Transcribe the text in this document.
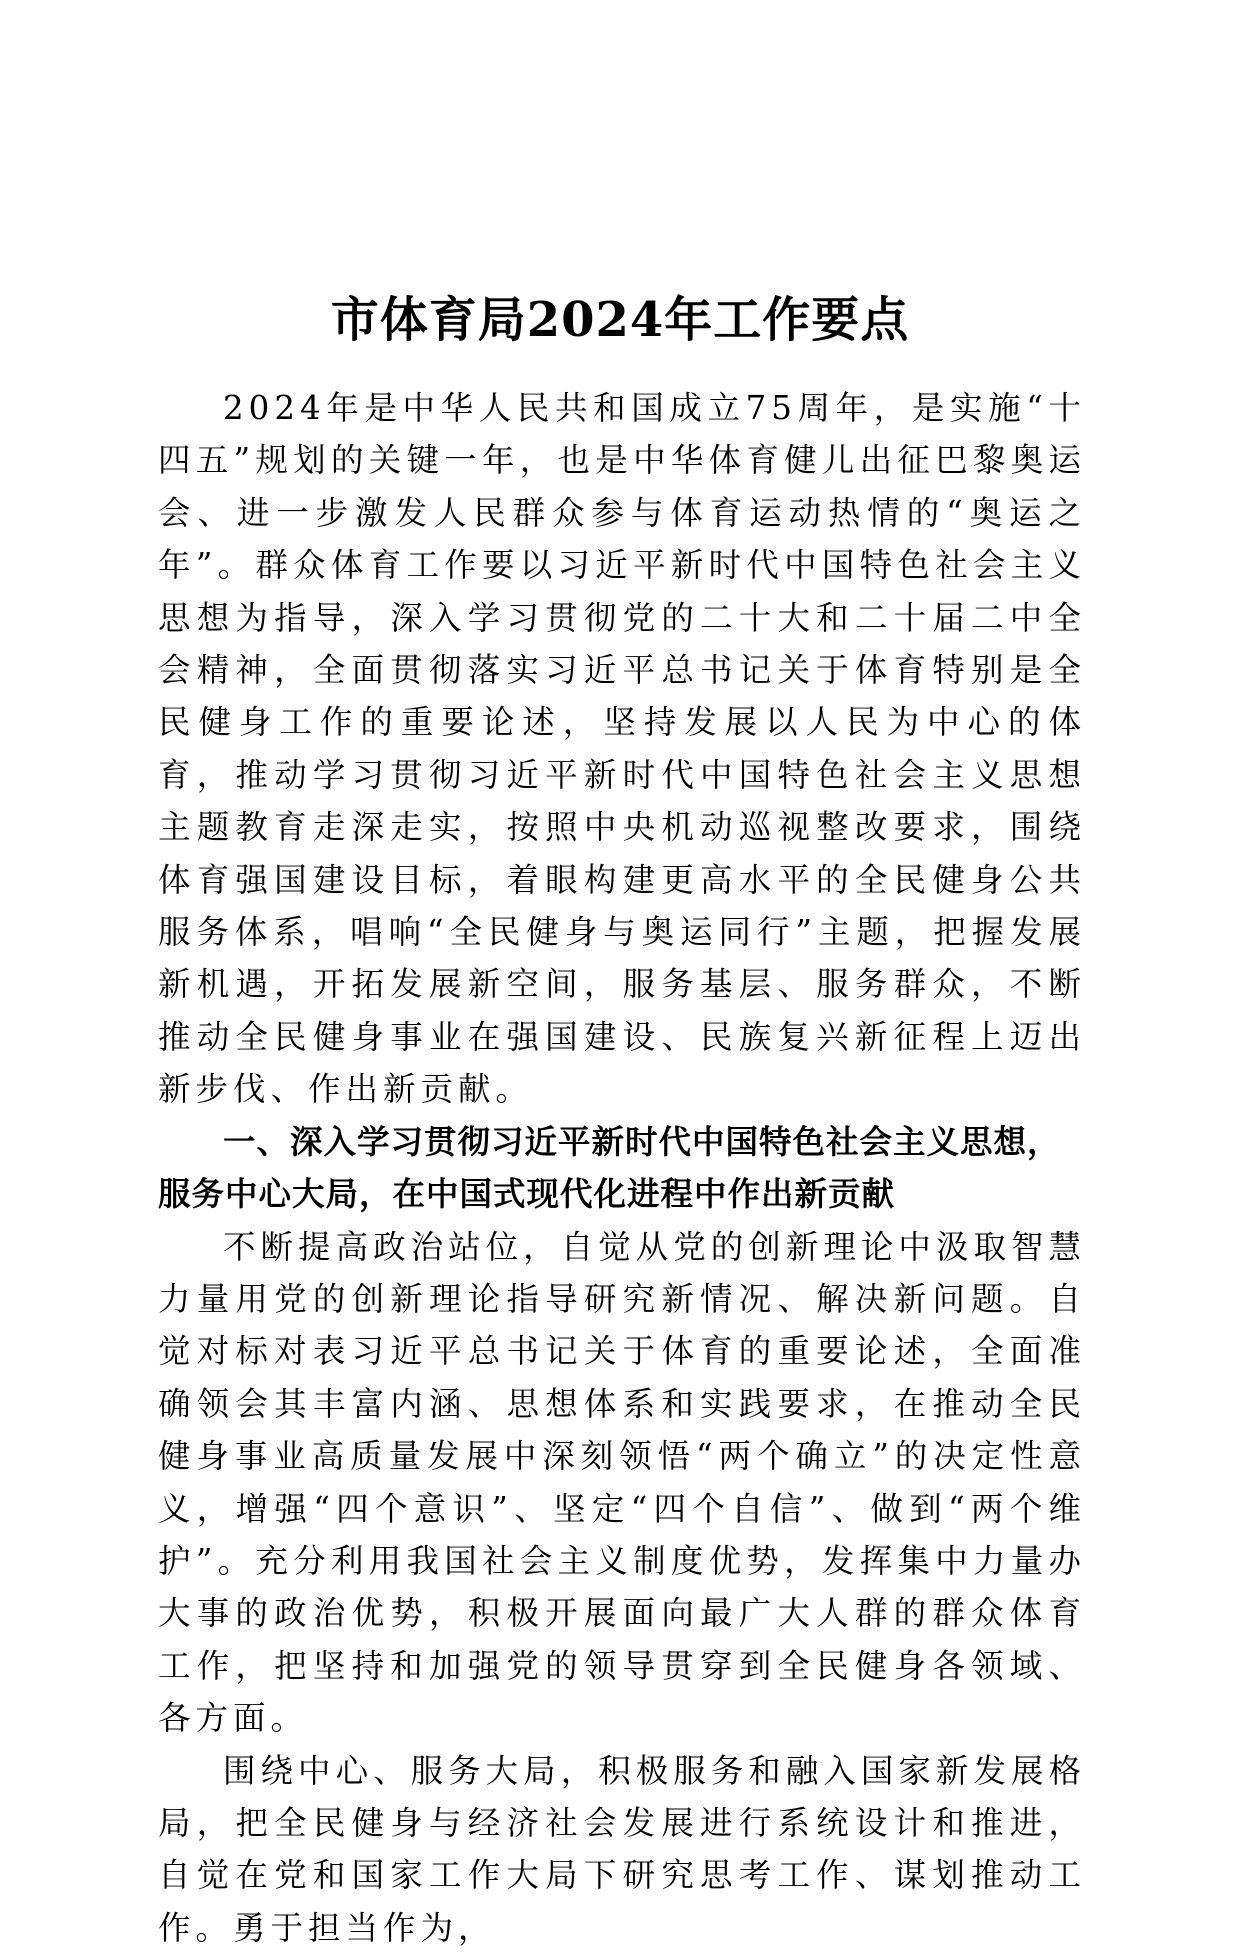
市体育局2024年工作要点

2024年是中华人民共和国成立75周年，是实施“十四五”规划的关键一年，也是中华体育健儿出征巴黎奥运会、进一步激发人民群众参与体育运动热情的“奥运之年”。群众体育工作要以习近平新时代中国特色社会主义思想为指导，深入学习贯彻党的二十大和二十届二中全会精神，全面贯彻落实习近平总书记关于体育特别是全民健身工作的重要论述，坚持发展以人民为中心的体育，推动学习贯彻习近平新时代中国特色社会主义思想主题教育走深走实，按照中央机动巡视整改要求，围绕体育强国建设目标，着眼构建更高水平的全民健身公共服务体系，唱响“全民健身与奥运同行”主题，把握发展新机遇，开拓发展新空间，服务基层、服务群众，不断推动全民健身事业在强国建设、民族复兴新征程上迈出新步伐、作出新贡献。

一、深入学习贯彻习近平新时代中国特色社会主义思想，服务中心大局，在中国式现代化进程中作出新贡献

不断提高政治站位，自觉从党的创新理论中汲取智慧力量用党的创新理论指导研究新情况、解决新问题。自觉对标对表习近平总书记关于体育的重要论述，全面准确领会其丰富内涵、思想体系和实践要求，在推动全民健身事业高质量发展中深刻领悟“两个确立”的决定性意义，增强“四个意识”、坚定“四个自信”、做到“两个维护”。充分利用我国社会主义制度优势，发挥集中力量办大事的政治优势，积极开展面向最广大人群的群众体育工作，把坚持和加强党的领导贯穿到全民健身各领域、各方面。

围绕中心、服务大局，积极服务和融入国家新发展格局，把全民健身与经济社会发展进行系统设计和推进，自觉在党和国家工作大局下研究思考工作、谋划推动工作。勇于担当作为，
